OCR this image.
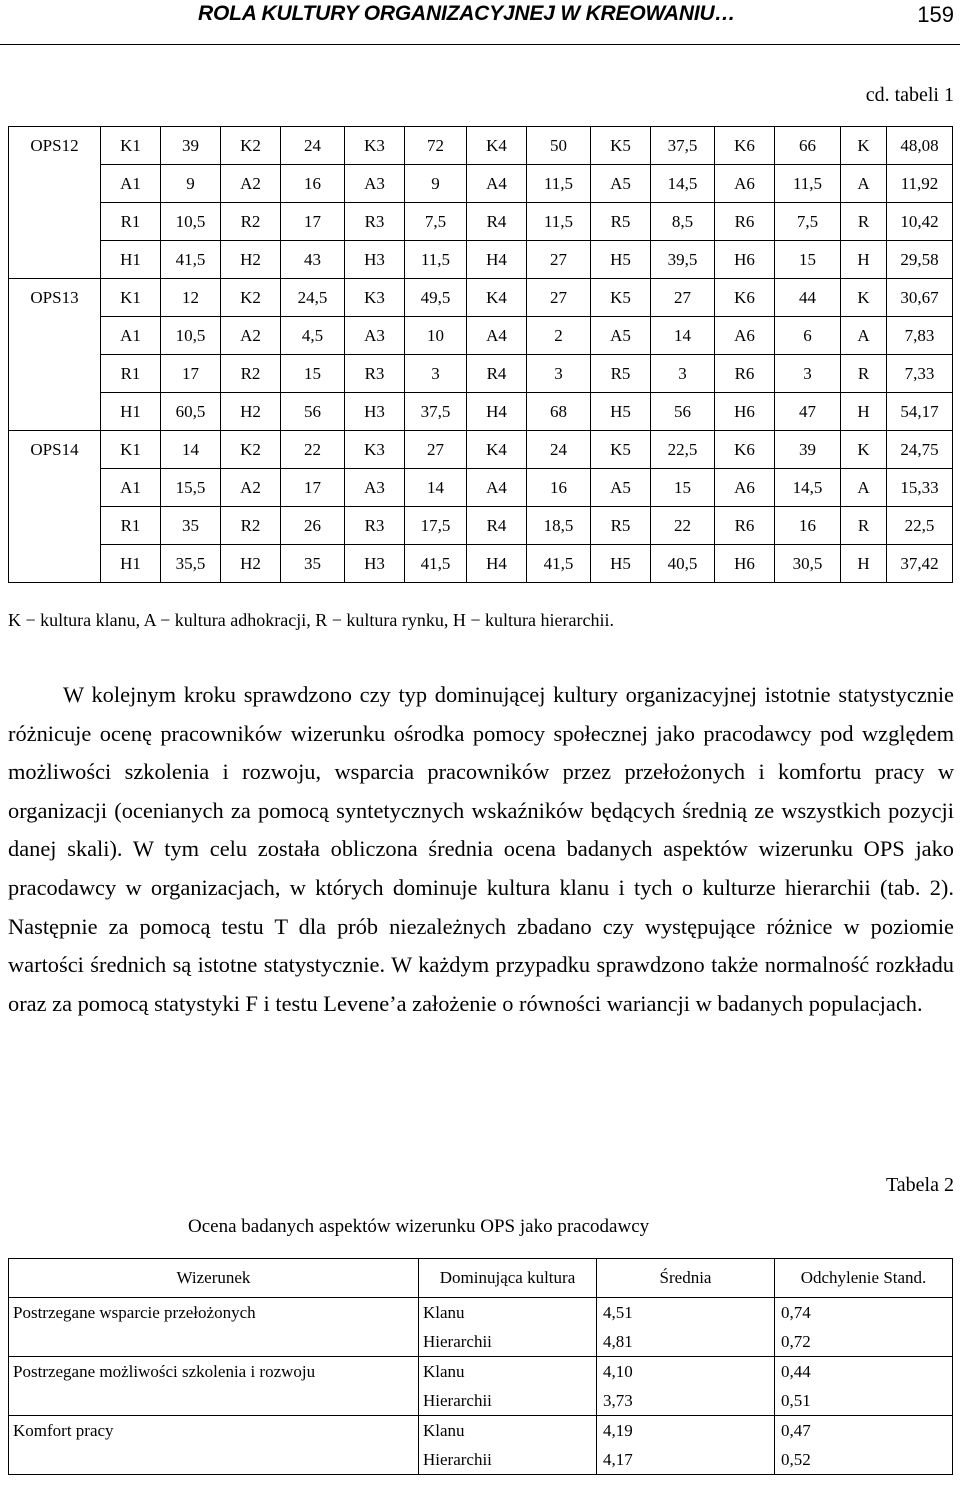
ROLA KULTURY ORGANIZACYJNEJ W KREOWANIU…	159
cd. tabeli 1
OPS12	K1	39	K2	24	K3	72	K4	50	K5	37,5	K6	66	K	48,08
	A1	9	A2	16	A3	9	A4	11,5	A5	14,5	A6	11,5	A	11,92
	R1	10,5	R2	17	R3	7,5	R4	11,5	R5	8,5	R6	7,5	R	10,42
	H1	41,5	H2	43	H3	11,5	H4	27	H5	39,5	H6	15	H	29,58
OPS13	K1	12	K2	24,5	K3	49,5	K4	27	K5	27	K6	44	K	30,67
	A1	10,5	A2	4,5	A3	10	A4	2	A5	14	A6	6	A	7,83
	R1	17	R2	15	R3	3	R4	3	R5	3	R6	3	R	7,33
	H1	60,5	H2	56	H3	37,5	H4	68	H5	56	H6	47	H	54,17
OPS14	K1	14	K2	22	K3	27	K4	24	K5	22,5	K6	39	K	24,75
	A1	15,5	A2	17	A3	14	A4	16	A5	15	A6	14,5	A	15,33
	R1	35	R2	26	R3	17,5	R4	18,5	R5	22	R6	16	R	22,5
	H1	35,5	H2	35	H3	41,5	H4	41,5	H5	40,5	H6	30,5	H	37,42
K − kultura klanu, A − kultura adhokracji, R − kultura rynku, H − kultura hierarchii.

W kolejnym kroku sprawdzono czy typ dominującej kultury organizacyjnej istotnie statystycznie różnicuje ocenę pracowników wizerunku ośrodka pomocy społecznej jako pracodawcy pod względem możliwości szkolenia i rozwoju, wsparcia pracowników przez przełożonych i komfortu pracy w organizacji (ocenianych za pomocą syntetycznych wskaźników będących średnią ze wszystkich pozycji danej skali). W tym celu została obliczona średnia ocena badanych aspektów wizerunku OPS jako pracodawcy w organizacjach, w których dominuje kultura klanu i tych o kulturze hierarchii (tab. 2). Następnie za pomocą testu T dla prób niezależnych zbadano czy występujące różnice w poziomie wartości średnich są istotne statystycznie. W każdym przypadku sprawdzono także normalność rozkładu oraz za pomocą statystyki F i testu Levene’a założenie o równości wariancji w badanych populacjach.

Tabela 2
Ocena badanych aspektów wizerunku OPS jako pracodawcy
Wizerunek	Dominująca kultura	Średnia	Odchylenie Stand.
Postrzegane wsparcie przełożonych	Klanu	4,51	0,74
	Hierarchii	4,81	0,72
Postrzegane możliwości szkolenia i rozwoju	Klanu	4,10	0,44
	Hierarchii	3,73	0,51
Komfort pracy	Klanu	4,19	0,47
	Hierarchii	4,17	0,52
